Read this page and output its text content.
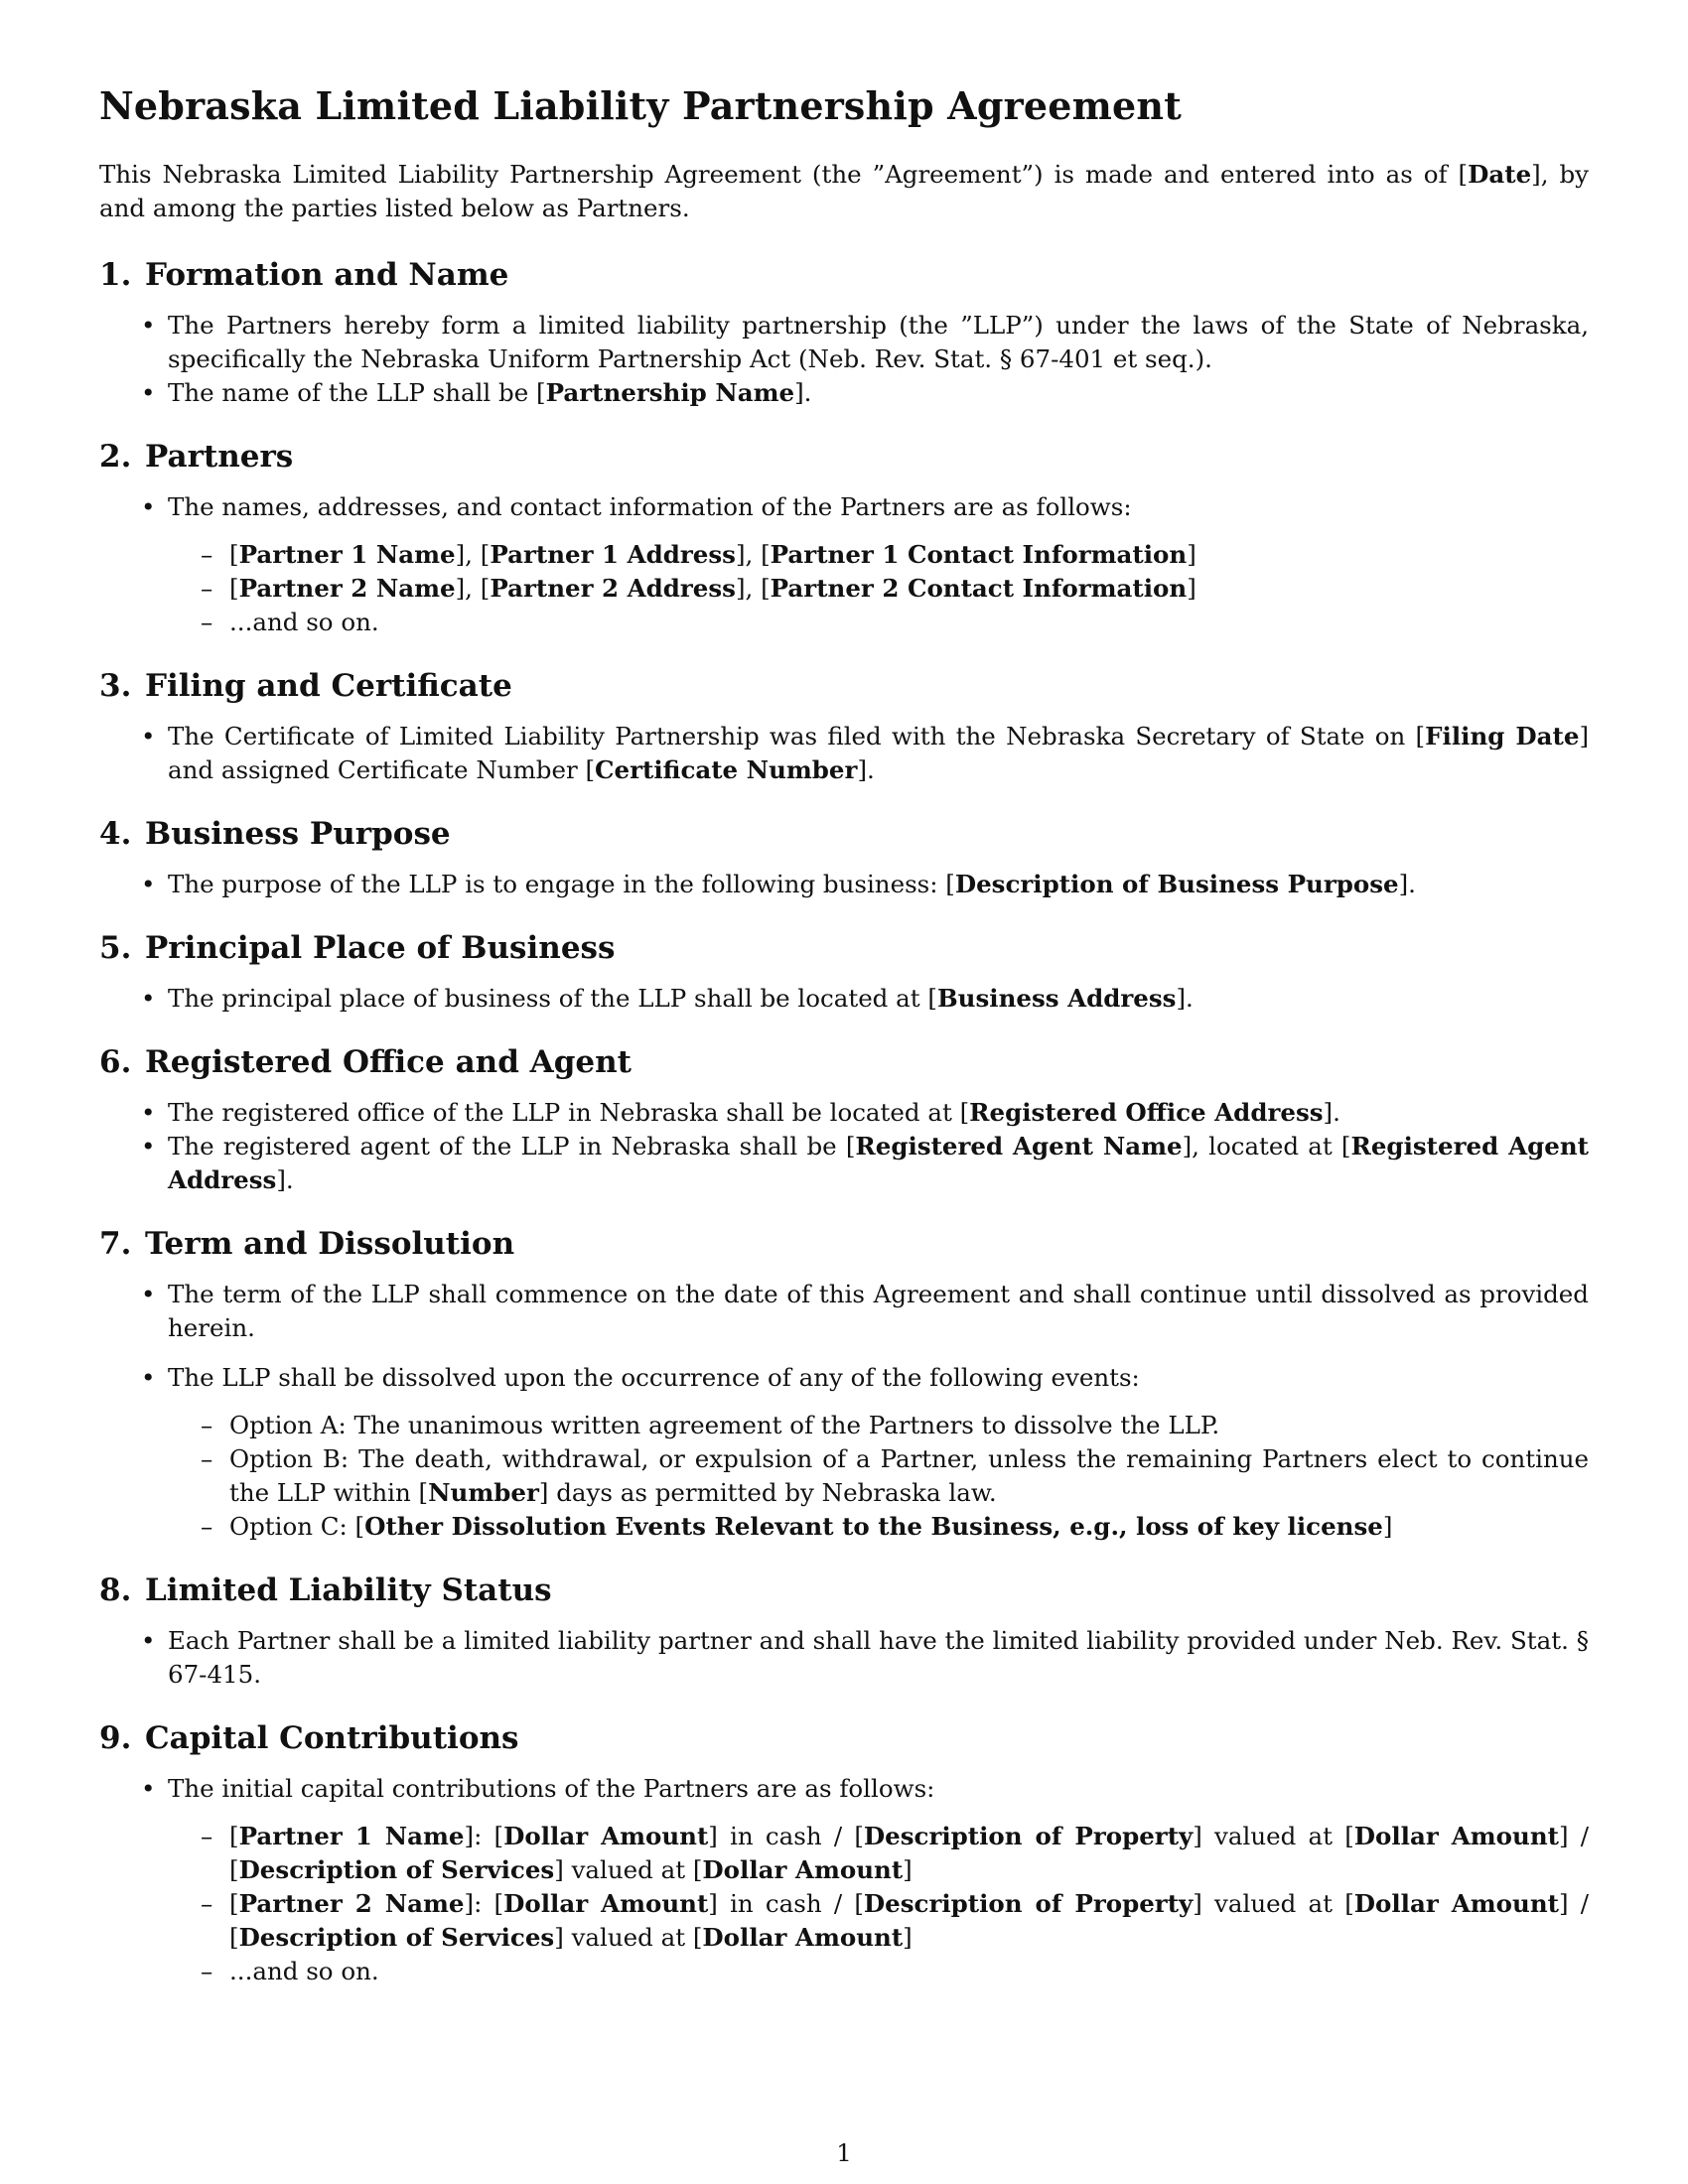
Nebraska Limited Liability Partnership Agreement

This Nebraska Limited Liability Partnership Agreement (the ”Agreement”) is made and entered into as of [Date], by and among the parties listed below as Partners.

1. Formation and Name
• The Partners hereby form a limited liability partnership (the ”LLP”) under the laws of the State of Nebraska, specifically the Nebraska Uniform Partnership Act (Neb. Rev. Stat. § 67-401 et seq.).
• The name of the LLP shall be [Partnership Name].
2. Partners
• The names, addresses, and contact information of the Partners are as follows:
– [Partner 1 Name], [Partner 1 Address], [Partner 1 Contact Information]
– [Partner 2 Name], [Partner 2 Address], [Partner 2 Contact Information]
– ...and so on.
3. Filing and Certificate
• The Certificate of Limited Liability Partnership was filed with the Nebraska Secretary of State on [Filing Date] and assigned Certificate Number [Certificate Number].
4. Business Purpose
• The purpose of the LLP is to engage in the following business: [Description of Business Purpose].
5. Principal Place of Business
• The principal place of business of the LLP shall be located at [Business Address].
6. Registered Office and Agent
• The registered office of the LLP in Nebraska shall be located at [Registered Office Address].
• The registered agent of the LLP in Nebraska shall be [Registered Agent Name], located at [Registered Agent Address].
7. Term and Dissolution
• The term of the LLP shall commence on the date of this Agreement and shall continue until dissolved as provided herein.
• The LLP shall be dissolved upon the occurrence of any of the following events:
– Option A: The unanimous written agreement of the Partners to dissolve the LLP.
– Option B: The death, withdrawal, or expulsion of a Partner, unless the remaining Partners elect to continue the LLP within [Number] days as permitted by Nebraska law.
– Option C: [Other Dissolution Events Relevant to the Business, e.g., loss of key license]
8. Limited Liability Status
• Each Partner shall be a limited liability partner and shall have the limited liability provided under Neb. Rev. Stat. § 67-415.
9. Capital Contributions
• The initial capital contributions of the Partners are as follows:
– [Partner 1 Name]: [Dollar Amount] in cash / [Description of Property] valued at [Dollar Amount] / [Description of Services] valued at [Dollar Amount]
– [Partner 2 Name]: [Dollar Amount] in cash / [Description of Property] valued at [Dollar Amount] / [Description of Services] valued at [Dollar Amount]
– ...and so on.
1
